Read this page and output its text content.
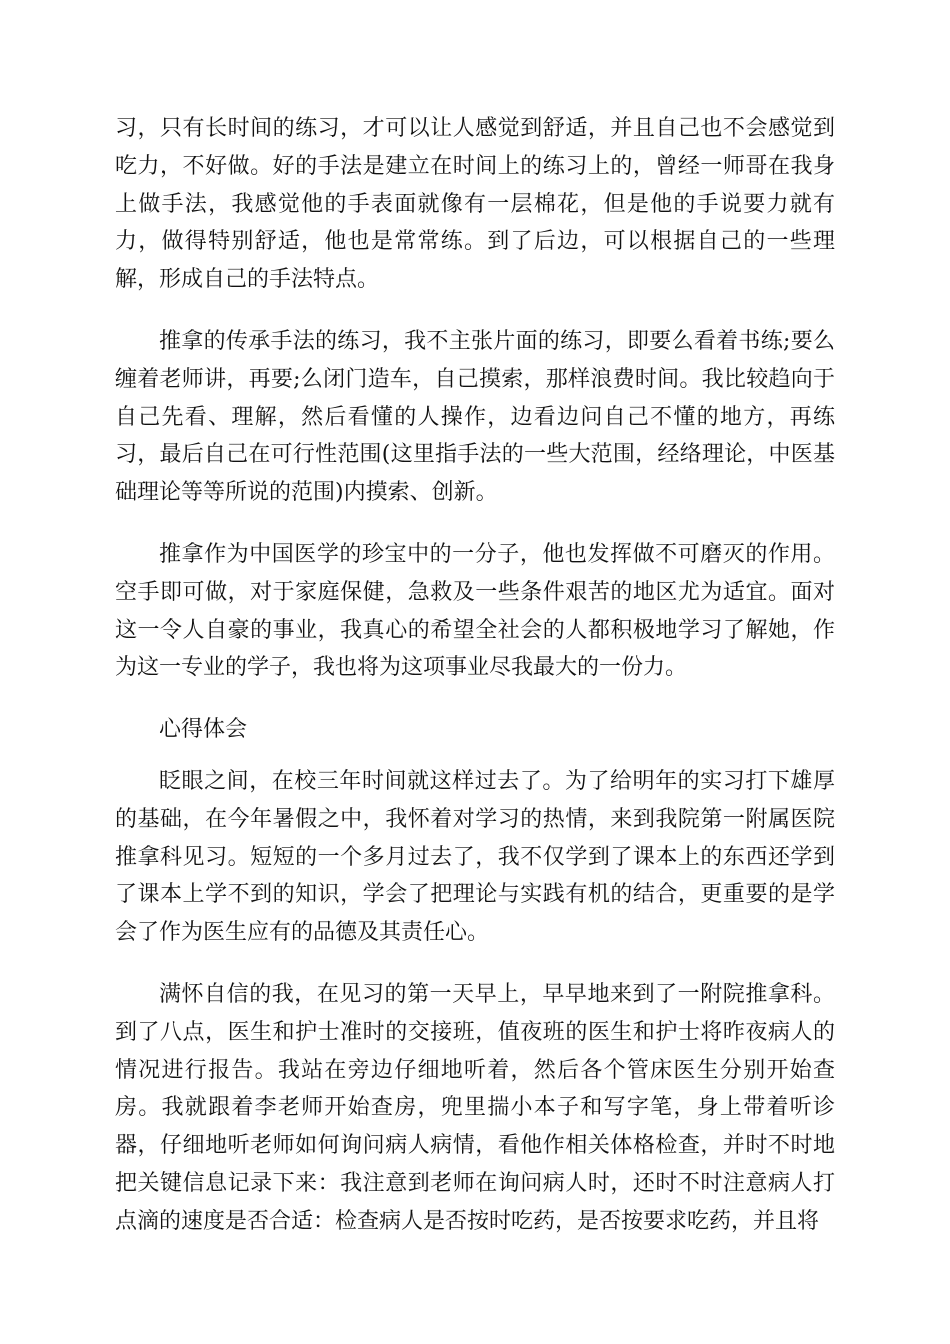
习，只有长时间的练习，才可以让人感觉到舒适，并且自己也不会感觉到吃力，不好做。好的手法是建立在时间上的练习上的，曾经一师哥在我身上做手法，我感觉他的手表面就像有一层棉花，但是他的手说要力就有力，做得特别舒适，他也是常常练。到了后边，可以根据自己的一些理解，形成自己的手法特点。

推拿的传承手法的练习，我不主张片面的练习，即要么看着书练;要么缠着老师讲，再要;么闭门造车，自己摸索，那样浪费时间。我比较趋向于自己先看、理解，然后看懂的人操作，边看边问自己不懂的地方，再练习，最后自己在可行性范围(这里指手法的一些大范围，经络理论，中医基础理论等等所说的范围)内摸索、创新。

推拿作为中国医学的珍宝中的一分子，他也发挥做不可磨灭的作用。空手即可做，对于家庭保健，急救及一些条件艰苦的地区尤为适宜。面对这一令人自豪的事业，我真心的希望全社会的人都积极地学习了解她，作为这一专业的学子，我也将为这项事业尽我最大的一份力。

心得体会

眨眼之间，在校三年时间就这样过去了。为了给明年的实习打下雄厚的基础，在今年暑假之中，我怀着对学习的热情，来到我院第一附属医院推拿科见习。短短的一个多月过去了，我不仅学到了课本上的东西还学到了课本上学不到的知识，学会了把理论与实践有机的结合，更重要的是学会了作为医生应有的品德及其责任心。

满怀自信的我，在见习的第一天早上，早早地来到了一附院推拿科。到了八点，医生和护士准时的交接班，值夜班的医生和护士将昨夜病人的情况进行报告。我站在旁边仔细地听着，然后各个管床医生分别开始查房。我就跟着李老师开始查房，兜里揣小本子和写字笔，身上带着听诊器，仔细地听老师如何询问病人病情，看他作相关体格检查，并时不时地把关键信息记录下来：我注意到老师在询问病人时，还时不时注意病人打点滴的速度是否合适：检查病人是否按时吃药，是否按要求吃药，并且将
